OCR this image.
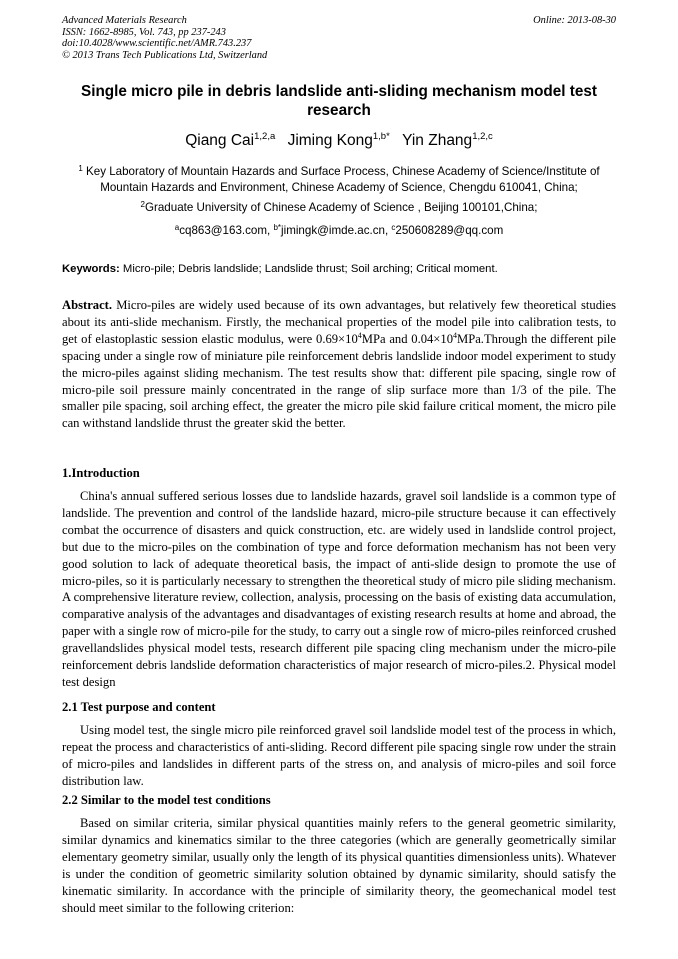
Advanced Materials Research
ISSN: 1662-8985, Vol. 743, pp 237-243
doi:10.4028/www.scientific.net/AMR.743.237
© 2013 Trans Tech Publications Ltd, Switzerland
Online: 2013-08-30
Single micro pile in debris landslide anti-sliding mechanism model test research
Qiang Cai$^{1,2,a}$ Jiming Kong$^{1,b*}$ Yin Zhang$^{1,2,c}$
$^1$ Key Laboratory of Mountain Hazards and Surface Process, Chinese Academy of Science/Institute of Mountain Hazards and Environment, Chinese Academy of Science, Chengdu 610041, China;
$^2$Graduate University of Chinese Academy of Science , Beijing 100101,China;
$^a$cq863@163.com, $^{b*}$jimingk@imde.ac.cn, $^c$250608289@qq.com
Keywords: Micro-pile; Debris landslide; Landslide thrust; Soil arching; Critical moment.

Abstract. Micro-piles are widely used because of its own advantages, but relatively few theoretical studies about its anti-slide mechanism. Firstly, the mechanical properties of the model pile into calibration tests, to get of elastoplastic session elastic modulus, were $0.69\times 10^4MPa$ and $0.04\times 10^4MPa.Through$ the different pile spacing under a single row of miniature pile reinforcement debris landslide indoor model experiment to study the micro-piles against sliding mechanism. The test results show that: different pile spacing, single row of micro-pile soil pressure mainly concentrated in the range of slip surface more than 1/3 of the pile. The smaller pile spacing, soil arching effect, the greater the micro pile skid failure critical moment, the micro pile can withstand landslide thrust the greater skid the better.

1.Introduction

China's annual suffered serious losses due to landslide hazards, gravel soil landslide is a common type of landslide. The prevention and control of the landslide hazard, micro-pile structure because it can effectively combat the occurrence of disasters and quick construction, etc. are widely used in landslide control project, but due to the micro-piles on the combination of type and force deformation mechanism has not been very good solution to lack of adequate theoretical basis, the impact of anti-slide design to promote the use of micro-piles, so it is particularly necessary to strengthen the theoretical study of micro pile sliding mechanism. A comprehensive literature review, collection, analysis, processing on the basis of existing data accumulation, comparative analysis of the advantages and disadvantages of existing research results at home and abroad, the paper with a single row of micro-pile for the study, to carry out a single row of micro-piles reinforced crushed gravellandslides physical model tests, research different pile spacing cling mechanism under the micro-pile reinforcement debris landslide deformation characteristics of major research of micro-piles.2. Physical model test design

2.1 Test purpose and content

Using model test, the single micro pile reinforced gravel soil landslide model test of the process in which, repeat the process and characteristics of anti-sliding. Record different pile spacing single row under the strain of micro-piles and landslides in different parts of the stress on, and analysis of micro-piles and soil force distribution law.

2.2 Similar to the model test conditions

Based on similar criteria, similar physical quantities mainly refers to the general geometric similarity, similar dynamics and kinematics similar to the three categories (which are generally geometrically similar elementary geometry similar, usually only the length of its physical quantities dimensionless units). Whatever is under the condition of geometric similarity solution obtained by dynamic similarity, should satisfy the kinematic similarity. In accordance with the principle of similarity theory, the geomechanical model test should meet similar to the following criterion:
